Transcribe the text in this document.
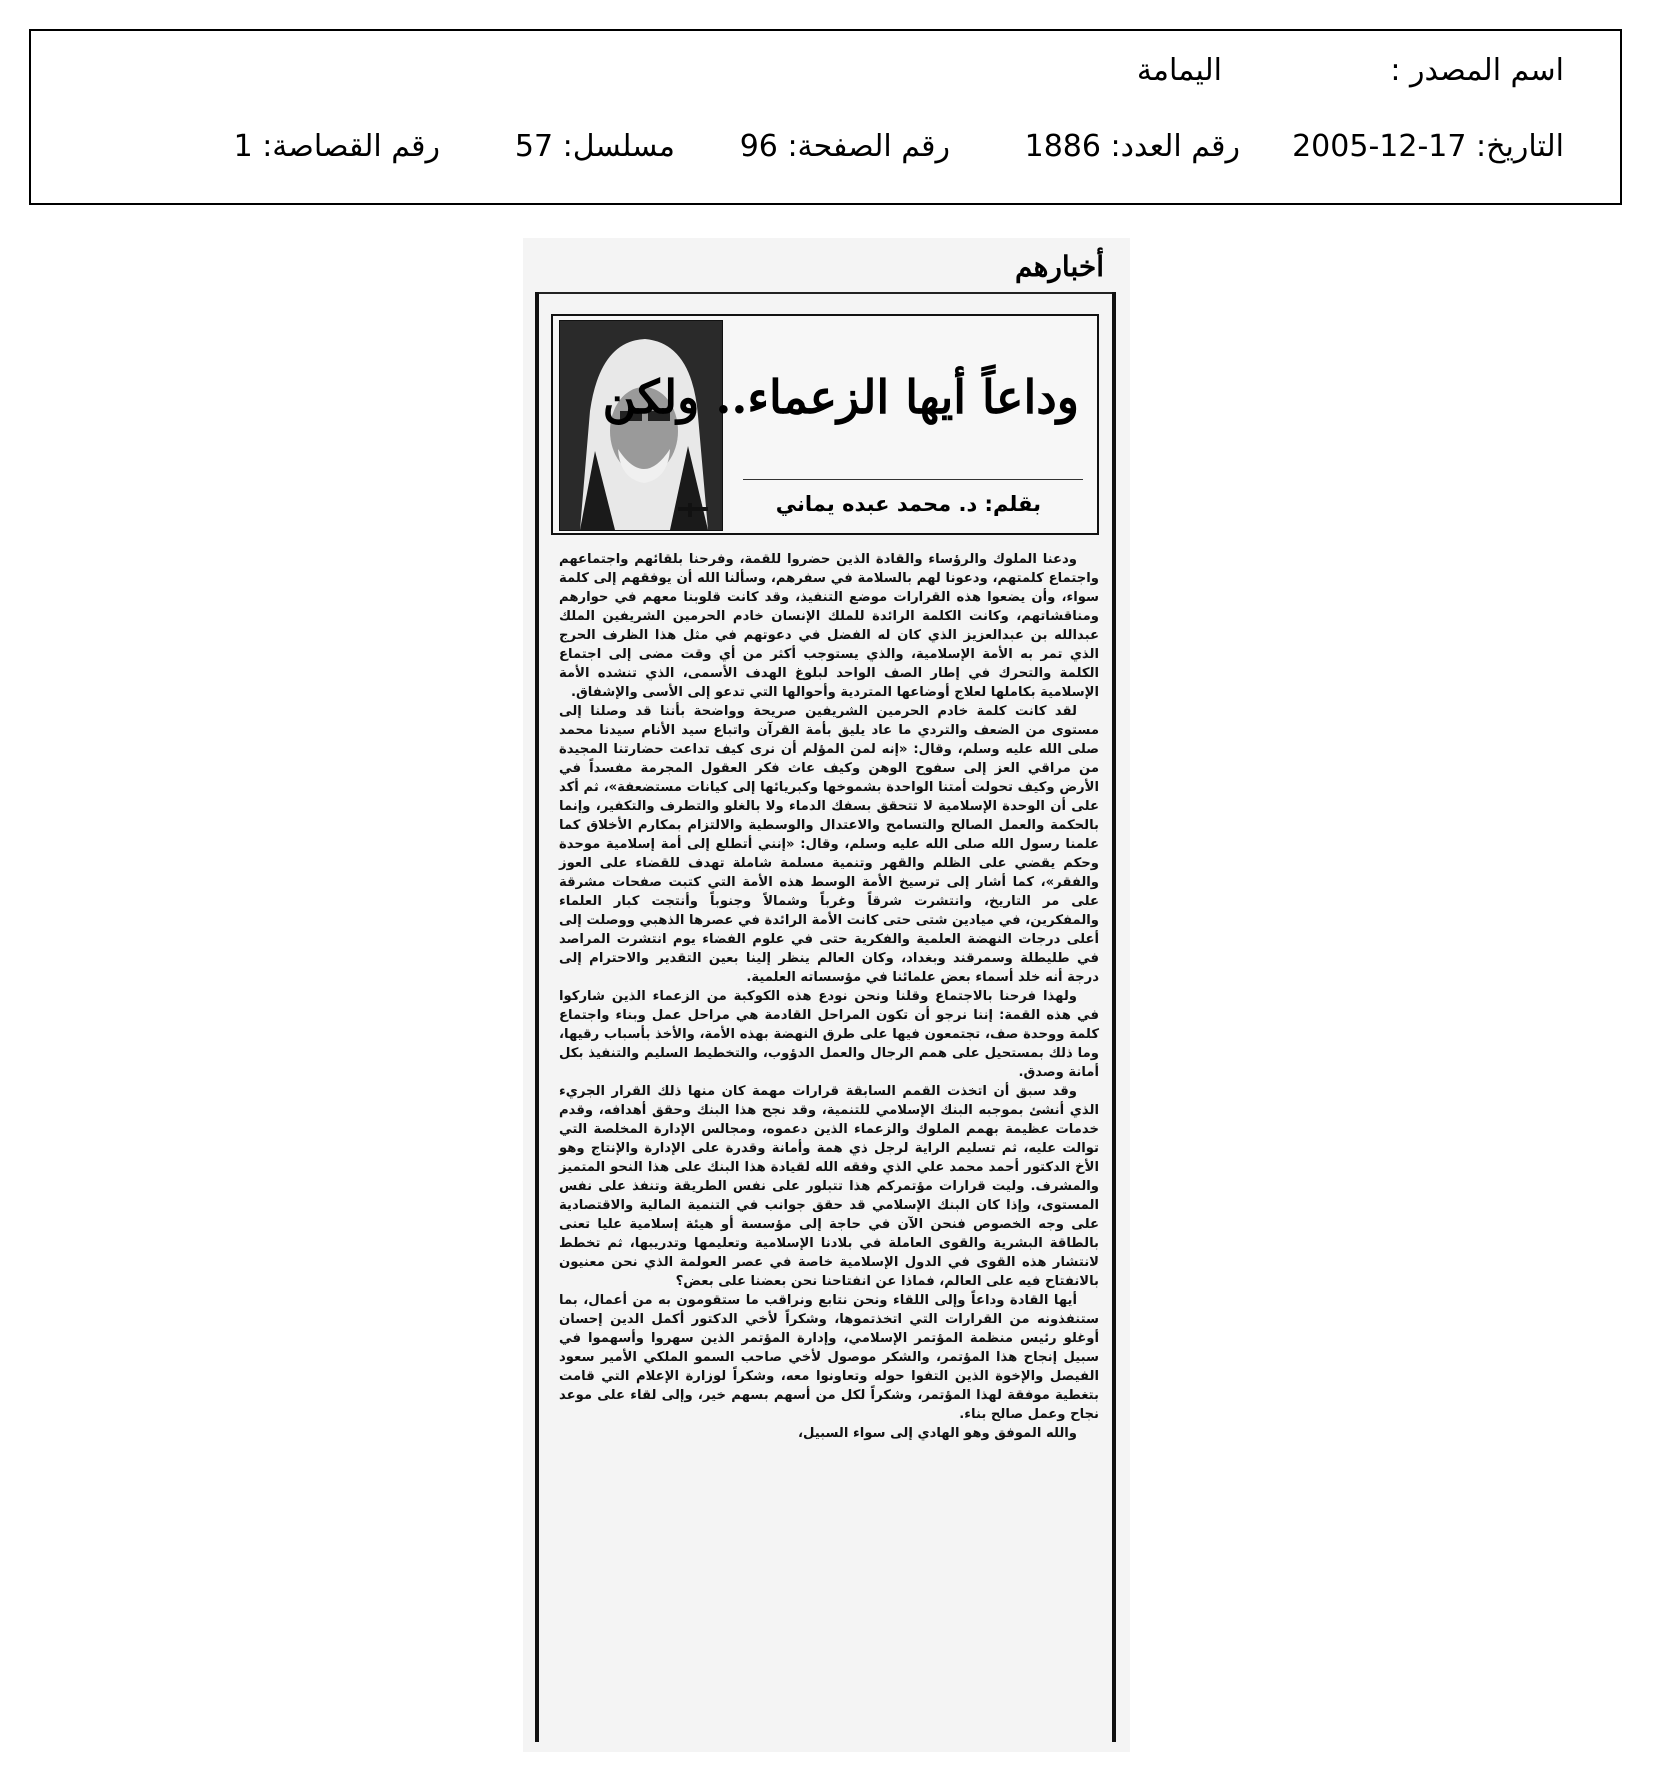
اسم المصدر :
اليمامة
التاريخ: 17-12-2005
رقم العدد: 1886
رقم الصفحة: 96
مسلسل: 57
رقم القصاصة: 1
أخبارهم
وداعاً أيها الزعماء.. ولكن
بقلم: د. محمد عبده يماني

ودعنا الملوك والرؤساء والقادة الذين حضروا للقمة، وفرحنا بلقائهم واجتماعهم واجتماع كلمتهم، ودعونا لهم بالسلامة في سفرهم، وسألنا الله أن يوفقهم إلى كلمة سواء، وأن يضعوا هذه القرارات موضع التنفيذ، وقد كانت قلوبنا معهم في حوارهم ومناقشاتهم، وكانت الكلمة الرائدة للملك الإنسان خادم الحرمين الشريفين الملك عبدالله بن عبدالعزيز الذي كان له الفضل في دعوتهم في مثل هذا الظرف الحرج الذي تمر به الأمة الإسلامية، والذي يستوجب أكثر من أي وقت مضى إلى اجتماع الكلمة والتحرك في إطار الصف الواحد لبلوغ الهدف الأسمى، الذي تنشده الأمة الإسلامية بكاملها لعلاج أوضاعها المتردية وأحوالها التي تدعو إلى الأسى والإشفاق.

لقد كانت كلمة خادم الحرمين الشريفين صريحة وواضحة بأننا قد وصلنا إلى مستوى من الضعف والتردي ما عاد يليق بأمة القرآن واتباع سيد الأنام سيدنا محمد صلى الله عليه وسلم، وقال: «إنه لمن المؤلم أن نرى كيف تداعت حضارتنا المجيدة من مراقي العز إلى سفوح الوهن وكيف عاث فكر العقول المجرمة مفسداً في الأرض وكيف تحولت أمتنا الواحدة بشموخها وكبريائها إلى كيانات مستضعفة»، ثم أكد على أن الوحدة الإسلامية لا تتحقق بسفك الدماء ولا بالغلو والتطرف والتكفير، وإنما بالحكمة والعمل الصالح والتسامح والاعتدال والوسطية والالتزام بمكارم الأخلاق كما علمنا رسول الله صلى الله عليه وسلم، وقال: «إنني أتطلع إلى أمة إسلامية موحدة وحكم يقضي على الظلم والقهر وتنمية مسلمة شاملة تهدف للقضاء على العوز والفقر»، كما أشار إلى ترسيخ الأمة الوسط هذه الأمة التي كتبت صفحات مشرقة على مر التاريخ، وانتشرت شرقاً وغرباً وشمالاً وجنوباً وأنتجت كبار العلماء والمفكرين، في ميادين شتى حتى كانت الأمة الرائدة في عصرها الذهبي ووصلت إلى أعلى درجات النهضة العلمية والفكرية حتى في علوم الفضاء يوم انتشرت المراصد في طليطلة وسمرقند وبغداد، وكان العالم ينظر إلينا بعين التقدير والاحترام إلى درجة أنه خلد أسماء بعض علمائنا في مؤسساته العلمية.

ولهذا فرحنا بالاجتماع وقلنا ونحن نودع هذه الكوكبة من الزعماء الذين شاركوا في هذه القمة: إننا نرجو أن تكون المراحل القادمة هي مراحل عمل وبناء واجتماع كلمة ووحدة صف، تجتمعون فيها على طرق النهضة بهذه الأمة، والأخذ بأسباب رقيها، وما ذلك بمستحيل على همم الرجال والعمل الدؤوب، والتخطيط السليم والتنفيذ بكل أمانة وصدق.

وقد سبق أن اتخذت القمم السابقة قرارات مهمة كان منها ذلك القرار الجريء الذي أنشئ بموجبه البنك الإسلامي للتنمية، وقد نجح هذا البنك وحقق أهدافه، وقدم خدمات عظيمة بهمم الملوك والزعماء الذين دعموه، ومجالس الإدارة المخلصة التي توالت عليه، ثم تسليم الراية لرجل ذي همة وأمانة وقدرة على الإدارة والإنتاج وهو الأخ الدكتور أحمد محمد علي الذي وفقه الله لقيادة هذا البنك على هذا النحو المتميز والمشرف. وليت قرارات مؤتمركم هذا تتبلور على نفس الطريقة وتنفذ على نفس المستوى، وإذا كان البنك الإسلامي قد حقق جوانب في التنمية المالية والاقتصادية على وجه الخصوص فنحن الآن في حاجة إلى مؤسسة أو هيئة إسلامية عليا تعنى بالطاقة البشرية والقوى العاملة في بلادنا الإسلامية وتعليمها وتدريبها، ثم تخطط لانتشار هذه القوى في الدول الإسلامية خاصة في عصر العولمة الذي نحن معنيون بالانفتاح فيه على العالم، فماذا عن انفتاحنا نحن بعضنا على بعض؟

أيها القادة وداعاً وإلى اللقاء ونحن نتابع ونراقب ما ستقومون به من أعمال، بما ستنفذونه من القرارات التي اتخذتموها، وشكراً لأخي الدكتور أكمل الدين إحسان أوغلو رئيس منظمة المؤتمر الإسلامي، وإدارة المؤتمر الذين سهروا وأسهموا في سبيل إنجاح هذا المؤتمر، والشكر موصول لأخي صاحب السمو الملكي الأمير سعود الفيصل والإخوة الذين التفوا حوله وتعاونوا معه، وشكراً لوزارة الإعلام التي قامت بتغطية موفقة لهذا المؤتمر، وشكراً لكل من أسهم بسهم خير، وإلى لقاء على موعد نجاح وعمل صالح بناء.

والله الموفق وهو الهادي إلى سواء السبيل،
